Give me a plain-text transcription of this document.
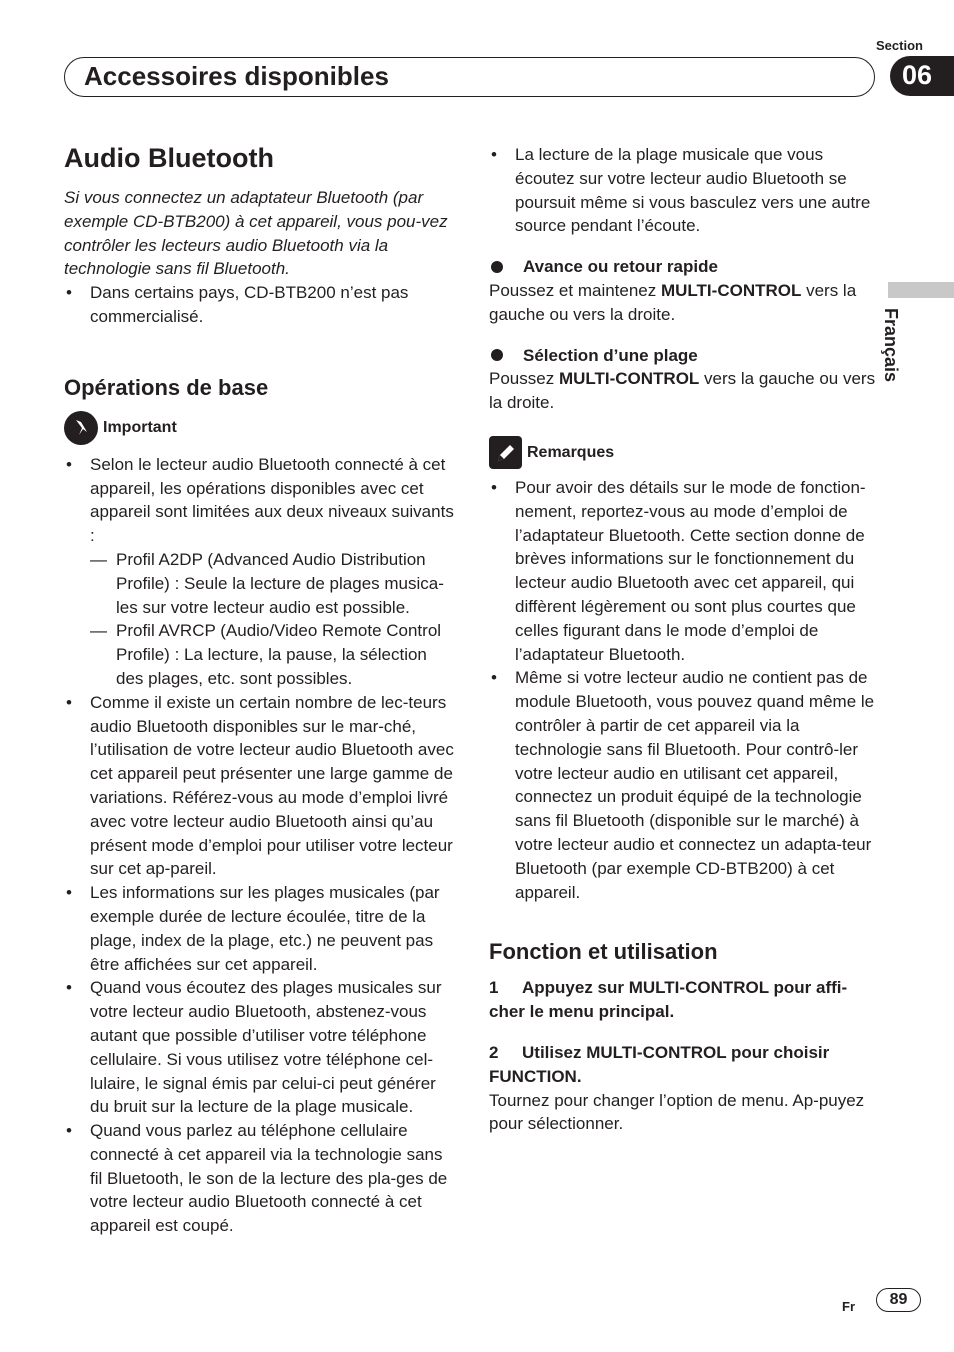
Section
06
Accessoires disponibles
Français
Audio Bluetooth

Si vous connectez un adaptateur Bluetooth (par exemple CD-BTB200) à cet appareil, vous pou-vez contrôler les lecteurs audio Bluetooth via la technologie sans fil Bluetooth.

• Dans certains pays, CD-BTB200 n’est pas commercialisé.
Opérations de base
Important
• Selon le lecteur audio Bluetooth connecté à cet appareil, les opérations disponibles avec cet appareil sont limitées aux deux niveaux suivants :
— Profil A2DP (Advanced Audio Distribution Profile) : Seule la lecture de plages musica-les sur votre lecteur audio est possible.
— Profil AVRCP (Audio/Video Remote Control Profile) : La lecture, la pause, la sélection des plages, etc. sont possibles.
• Comme il existe un certain nombre de lec-teurs audio Bluetooth disponibles sur le mar-ché, l’utilisation de votre lecteur audio Bluetooth avec cet appareil peut présenter une large gamme de variations. Référez-vous au mode d’emploi livré avec votre lecteur audio Bluetooth ainsi qu’au présent mode d’emploi pour utiliser votre lecteur sur cet ap-pareil.
• Les informations sur les plages musicales (par exemple durée de lecture écoulée, titre de la plage, index de la plage, etc.) ne peuvent pas être affichées sur cet appareil.
• Quand vous écoutez des plages musicales sur votre lecteur audio Bluetooth, abstenez-vous autant que possible d’utiliser votre téléphone cellulaire. Si vous utilisez votre téléphone cel-lulaire, le signal émis par celui-ci peut générer du bruit sur la lecture de la plage musicale.
• Quand vous parlez au téléphone cellulaire connecté à cet appareil via la technologie sans fil Bluetooth, le son de la lecture des pla-ges de votre lecteur audio Bluetooth connecté à cet appareil est coupé.
• La lecture de la plage musicale que vous écoutez sur votre lecteur audio Bluetooth se poursuit même si vous basculez vers une autre source pendant l’écoute.
Avance ou retour rapide

Poussez et maintenez MULTI-CONTROL vers la gauche ou vers la droite.

Sélection d’une plage

Poussez MULTI-CONTROL vers la gauche ou vers la droite.

Remarques
• Pour avoir des détails sur le mode de fonction-nement, reportez-vous au mode d’emploi de l’adaptateur Bluetooth. Cette section donne de brèves informations sur le fonctionnement du lecteur audio Bluetooth avec cet appareil, qui diffèrent légèrement ou sont plus courtes que celles figurant dans le mode d’emploi de l’adaptateur Bluetooth.
• Même si votre lecteur audio ne contient pas de module Bluetooth, vous pouvez quand même le contrôler à partir de cet appareil via la technologie sans fil Bluetooth. Pour contrô-ler votre lecteur audio en utilisant cet appareil, connectez un produit équipé de la technologie sans fil Bluetooth (disponible sur le marché) à votre lecteur audio et connectez un adapta-teur Bluetooth (par exemple CD-BTB200) à cet appareil.
Fonction et utilisation

1 Appuyez sur MULTI-CONTROL pour affi-cher le menu principal.

2 Utilisez MULTI-CONTROL pour choisir FUNCTION.

Tournez pour changer l’option de menu. Ap-puyez pour sélectionner.

Fr	89
